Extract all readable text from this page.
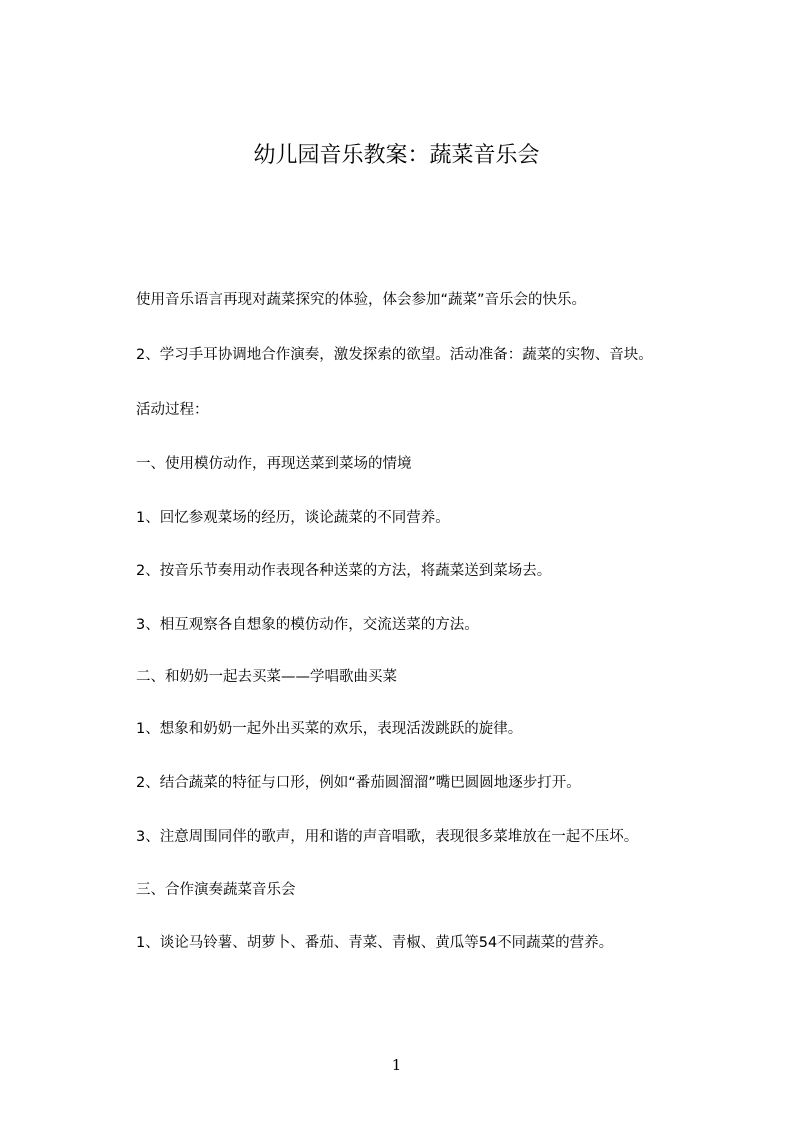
幼儿园音乐教案：蔬菜音乐会
使用音乐语言再现对蔬菜探究的体验，体会参加“蔬菜”音乐会的快乐。
2、学习手耳协调地合作演奏，激发探索的欲望。活动准备：蔬菜的实物、音块。
活动过程：
一、使用模仿动作，再现送菜到菜场的情境
1、回忆参观菜场的经历，谈论蔬菜的不同营养。
2、按音乐节奏用动作表现各种送菜的方法，将蔬菜送到菜场去。
3、相互观察各自想象的模仿动作，交流送菜的方法。
二、和奶奶一起去买菜——学唱歌曲买菜
1、想象和奶奶一起外出买菜的欢乐，表现活泼跳跃的旋律。
2、结合蔬菜的特征与口形，例如“番茄圆溜溜”嘴巴圆圆地逐步打开。
3、注意周围同伴的歌声，用和谐的声音唱歌，表现很多菜堆放在一起不压坏。
三、合作演奏蔬菜音乐会
1、谈论马铃薯、胡萝卜、番茄、青菜、青椒、黄瓜等54不同蔬菜的营养。
1
